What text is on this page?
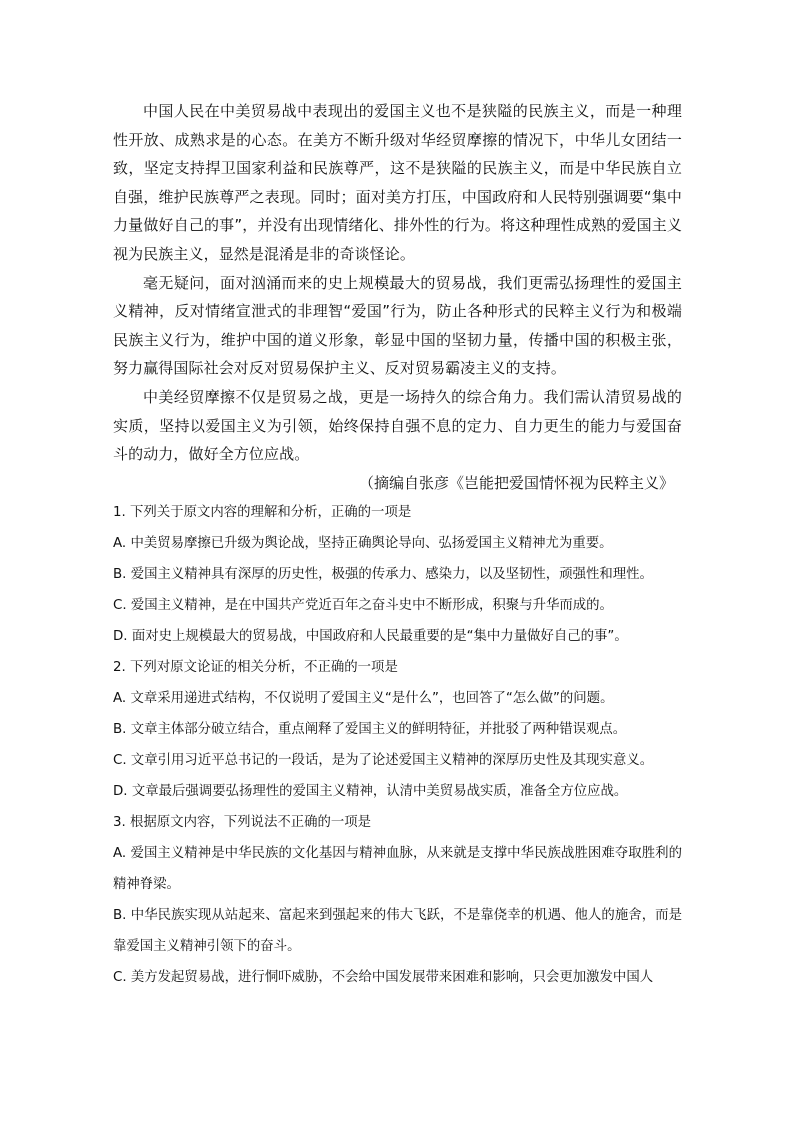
中国人民在中美贸易战中表现出的爱国主义也不是狭隘的民族主义，而是一种理性开放、成熟求是的心态。在美方不断升级对华经贸摩擦的情况下，中华儿女团结一致，坚定支持捍卫国家利益和民族尊严，这不是狭隘的民族主义，而是中华民族自立自强，维护民族尊严之表现。同时；面对美方打压，中国政府和人民特别强调要“集中力量做好自己的事”，并没有出现情绪化、排外性的行为。将这种理性成熟的爱国主义视为民族主义，显然是混淆是非的奇谈怪论。

毫无疑问，面对汹涌而来的史上规模最大的贸易战，我们更需弘扬理性的爱国主义精神，反对情绪宣泄式的非理智“爱国”行为，防止各种形式的民粹主义行为和极端民族主义行为，维护中国的道义形象，彰显中国的坚韧力量，传播中国的积极主张，努力赢得国际社会对反对贸易保护主义、反对贸易霸凌主义的支持。

中美经贸摩擦不仅是贸易之战，更是一场持久的综合角力。我们需认清贸易战的实质，坚持以爱国主义为引领，始终保持自强不息的定力、自力更生的能力与爱国奋斗的动力，做好全方位应战。

（摘编自张彦《岂能把爱国情怀视为民粹主义》

1. 下列关于原文内容的理解和分析，正确的一项是

A. 中美贸易摩擦已升级为舆论战，坚持正确舆论导向、弘扬爱国主义精神尤为重要。

B. 爱国主义精神具有深厚的历史性，极强的传承力、感染力，以及坚韧性，顽强性和理性。

C. 爱国主义精神，是在中国共产党近百年之奋斗史中不断形成，积聚与升华而成的。

D. 面对史上规模最大的贸易战，中国政府和人民最重要的是“集中力量做好自己的事”。

2. 下列对原文论证的相关分析，不正确的一项是

A. 文章采用递进式结构，不仅说明了爱国主义“是什么”，也回答了“怎么做”的问题。

B. 文章主体部分破立结合，重点阐释了爱国主义的鲜明特征，并批驳了两种错误观点。

C. 文章引用习近平总书记的一段话，是为了论述爱国主义精神的深厚历史性及其现实意义。

D. 文章最后强调要弘扬理性的爱国主义精神，认清中美贸易战实质，准备全方位应战。

3. 根据原文内容，下列说法不正确的一项是

A. 爱国主义精神是中华民族的文化基因与精神血脉，从来就是支撑中华民族战胜困难夺取胜利的精神脊梁。

B. 中华民族实现从站起来、富起来到强起来的伟大飞跃，不是靠侥幸的机遇、他人的施舍，而是靠爱国主义精神引领下的奋斗。

C. 美方发起贸易战，进行恫吓威胁，不会给中国发展带来困难和影响，只会更加激发中国人
